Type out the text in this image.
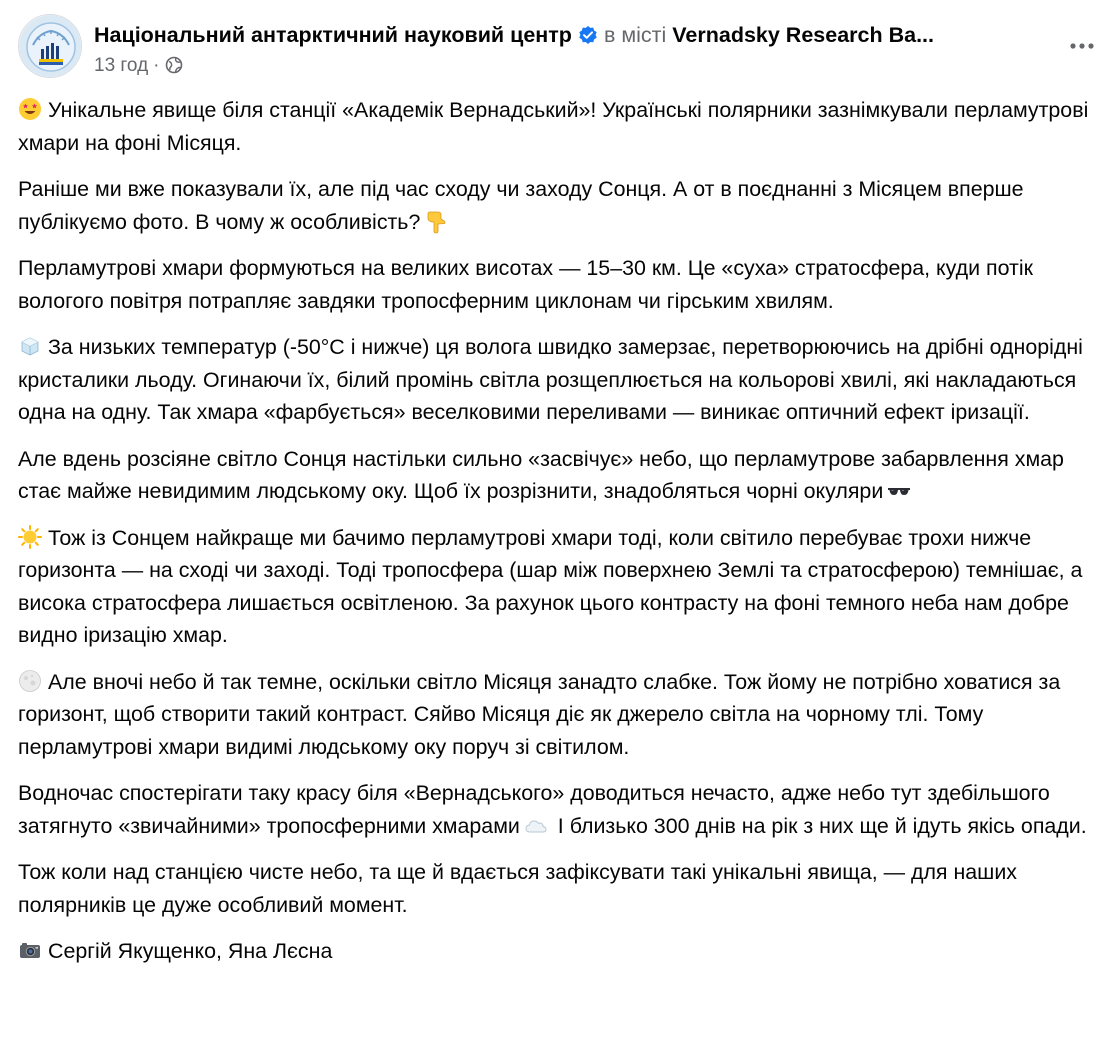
Національний антарктичний науковий центр в місті Vernadsky Research Ba...
13 год ·

Унікальне явище біля станції «Академік Вернадський»! Українські полярники зазнімкували перламутрові хмари на фоні Місяця.

Раніше ми вже показували їх, але під час сходу чи заходу Сонця. А от в поєднанні з Місяцем вперше публікуємо фото. В чому ж особливість?

Перламутрові хмари формуються на великих висотах — 15–30 км. Це «суха» стратосфера, куди потік вологого повітря потрапляє завдяки тропосферним циклонам чи гірським хвилям.

За низьких температур (-50°C і нижче) ця волога швидко замерзає, перетворюючись на дрібні однорідні кристалики льоду. Огинаючи їх, білий промінь світла розщеплюється на кольорові хвилі, які накладаються одна на одну. Так хмара «фарбується» веселковими переливами — виникає оптичний ефект іризації.

Але вдень розсіяне світло Сонця настільки сильно «засвічує» небо, що перламутрове забарвлення хмар стає майже невидимим людському оку. Щоб їх розрізнити, знадобляться чорні окуляри

Тож із Сонцем найкраще ми бачимо перламутрові хмари тоді, коли світило перебуває трохи нижче горизонта — на сході чи заході. Тоді тропосфера (шар між поверхнею Землі та стратосферою) темнішає, а висока стратосфера лишається освітленою. За рахунок цього контрасту на фоні темного неба нам добре видно іризацію хмар.

Але вночі небо й так темне, оскільки світло Місяця занадто слабке. Тож йому не потрібно ховатися за горизонт, щоб створити такий контраст. Сяйво Місяця діє як джерело світла на чорному тлі. Тому перламутрові хмари видимі людському оку поруч зі світилом.

Водночас спостерігати таку красу біля «Вернадського» доводиться нечасто, адже небо тут здебільшого затягнуто «звичайними» тропосферними хмарами І близько 300 днів на рік з них ще й ідуть якісь опади.

Тож коли над станцією чисте небо, та ще й вдається зафіксувати такі унікальні явища, — для наших полярників це дуже особливий момент.

Сергій Якущенко, Яна Лєсна
